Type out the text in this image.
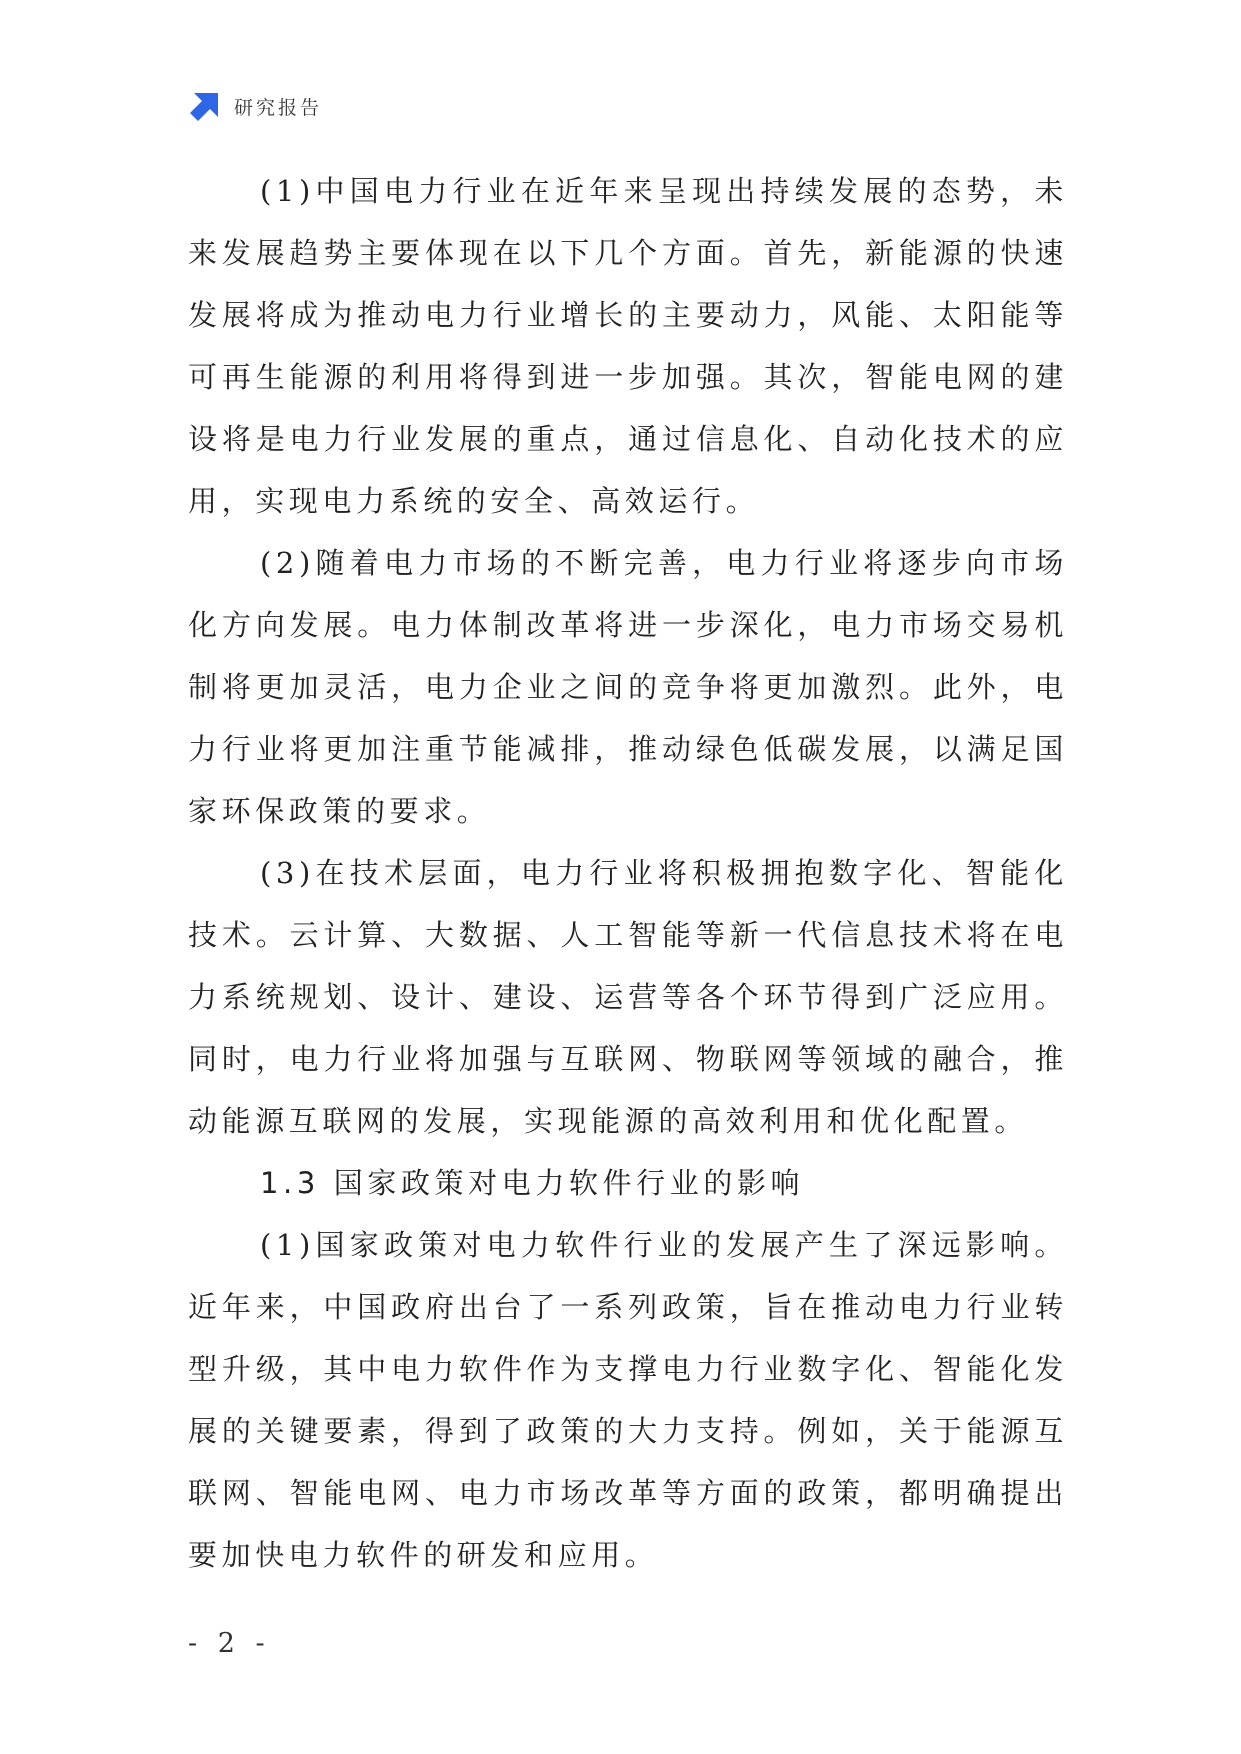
研究报告

(1)中国电力行业在近年来呈现出持续发展的态势，未来发展趋势主要体现在以下几个方面。首先，新能源的快速发展将成为推动电力行业增长的主要动力，风能、太阳能等可再生能源的利用将得到进一步加强。其次，智能电网的建设将是电力行业发展的重点，通过信息化、自动化技术的应用，实现电力系统的安全、高效运行。

(2)随着电力市场的不断完善，电力行业将逐步向市场化方向发展。电力体制改革将进一步深化，电力市场交易机制将更加灵活，电力企业之间的竞争将更加激烈。此外，电力行业将更加注重节能减排，推动绿色低碳发展，以满足国家环保政策的要求。

(3)在技术层面，电力行业将积极拥抱数字化、智能化技术。云计算、大数据、人工智能等新一代信息技术将在电力系统规划、设计、建设、运营等各个环节得到广泛应用。同时，电力行业将加强与互联网、物联网等领域的融合，推动能源互联网的发展，实现能源的高效利用和优化配置。

1.3 国家政策对电力软件行业的影响

(1)国家政策对电力软件行业的发展产生了深远影响。近年来，中国政府出台了一系列政策，旨在推动电力行业转型升级，其中电力软件作为支撑电力行业数字化、智能化发展的关键要素，得到了政策的大力支持。例如，关于能源互联网、智能电网、电力市场改革等方面的政策，都明确提出要加快电力软件的研发和应用。

- 2 -
